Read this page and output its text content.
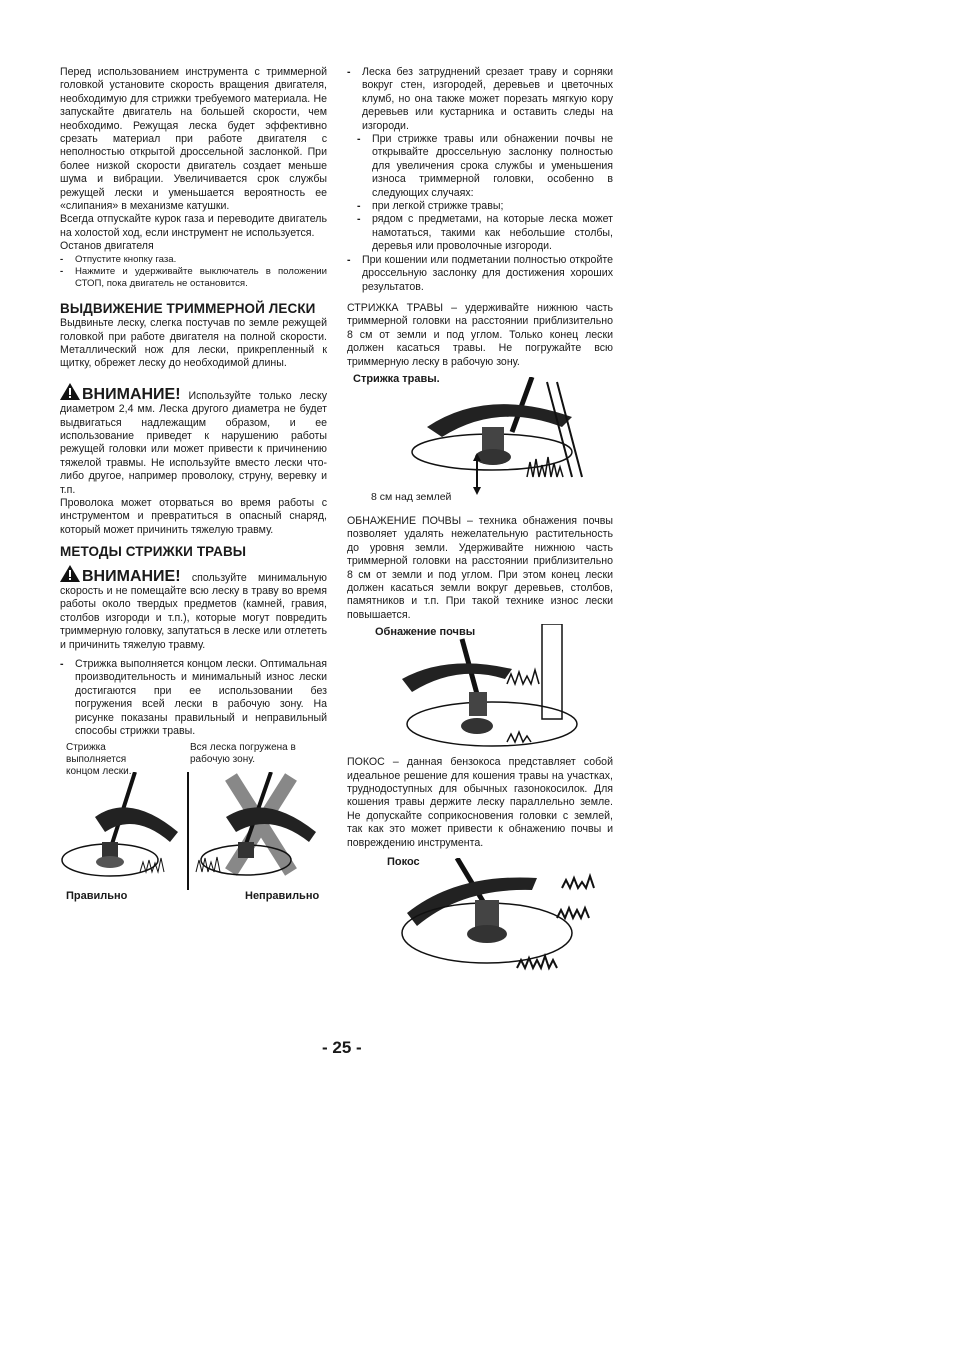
Перед использованием инструмента с триммерной головкой установите скорость вращения двигателя, необходимую для стрижки требуемого материала. Не запускайте двигатель на большей скорости, чем необходимо. Режущая леска будет эффективно срезать материал при работе двигателя с неполностью открытой дроссельной заслонкой. При более низкой скорости двигатель создает меньше шума и вибрации. Увеличивается срок службы режущей лески и уменьшается вероятность ее «слипания» в механизме катушки.

Всегда отпускайте курок газа и переводите двигатель на холостой ход, если инструмент не используется.

Останов двигателя

- Отпустите кнопку газа.
- Нажмите и удерживайте выключатель в положении СТОП, пока двигатель не остановится.
ВЫДВИЖЕНИЕ ТРИММЕРНОЙ ЛЕСКИ

Выдвиньте леску, слегка постучав по земле режущей головкой при работе двигателя на полной скорости. Металлический нож для лески, прикрепленный к щитку, обрежет леску до необходимой длины.

ВНИМАНИЕ! Используйте только леску диаметром 2,4 мм. Леска другого диаметра не будет выдвигаться надлежащим образом, и ее использование приведет к нарушению работы режущей головки или может привести к причинению тяжелой травмы. Не используйте вместо лески что-либо другое, например проволоку, струну, веревку и т.п.

Проволока может оторваться во время работы с инструментом и превратиться в опасный снаряд, который может причинить тяжелую травму.

МЕТОДЫ СТРИЖКИ ТРАВЫ

ВНИМАНИЕ! спользуйте минимальную скорость и не помещайте всю леску в траву во время работы около твердых предметов (камней, гравия, столбов изгороди и т.п.), которые могут повредить триммерную головку, запутаться в леске или отлететь и причинить тяжелую травму.

- Стрижка выполняется концом лески. Оптимальная производительность и минимальный износ лески достигаются при ее использовании без погружения всей лески в рабочую зону. На рисунке показаны правильный и неправильный способы стрижки травы.
Стрижка выполняется концом лески.
Вся леска погружена в рабочую зону.
Правильно	Неправильно
- Леска без затруднений срезает траву и сорняки вокруг стен, изгородей, деревьев и цветочных клумб, но она также может порезать мягкую кору деревьев или кустарника и оставить следы на изгороди.
- При стрижке травы или обнажении почвы не открывайте дроссельную заслонку полностью для увеличения срока службы и уменьшения износа триммерной головки, особенно в следующих случаях:
- при легкой стрижке травы;
- рядом с предметами, на которые леска может намотаться, такими как небольшие столбы, деревья или проволочные изгороди.
- При кошении или подметании полностью откройте дроссельную заслонку для достижения хороших результатов.

СТРИЖКА ТРАВЫ – удерживайте нижнюю часть триммерной головки на расстоянии приблизительно 8 см от земли и под углом. Только конец лески должен касаться травы. Не погружайте всю триммерную леску в рабочую зону.

Стрижка травы.
8 см над землей

ОБНАЖЕНИЕ ПОЧВЫ – техника обнажения почвы позволяет удалять нежелательную растительность до уровня земли. Удерживайте нижнюю часть триммерной головки на расстоянии приблизительно 8 см от земли и под углом. При этом конец лески должен касаться земли вокруг деревьев, столбов, памятников и т.п. При такой технике износ лески повышается.

Обнажение почвы

ПОКОС – данная бензокоса представляет собой идеальное решение для кошения травы на участках, труднодоступных для обычных газонокосилок. Для кошения травы держите леску параллельно земле. Не допускайте соприкосновения головки с землей, так как это может привести к обнажению почвы и повреждению инструмента.

Покос
- 25 -
